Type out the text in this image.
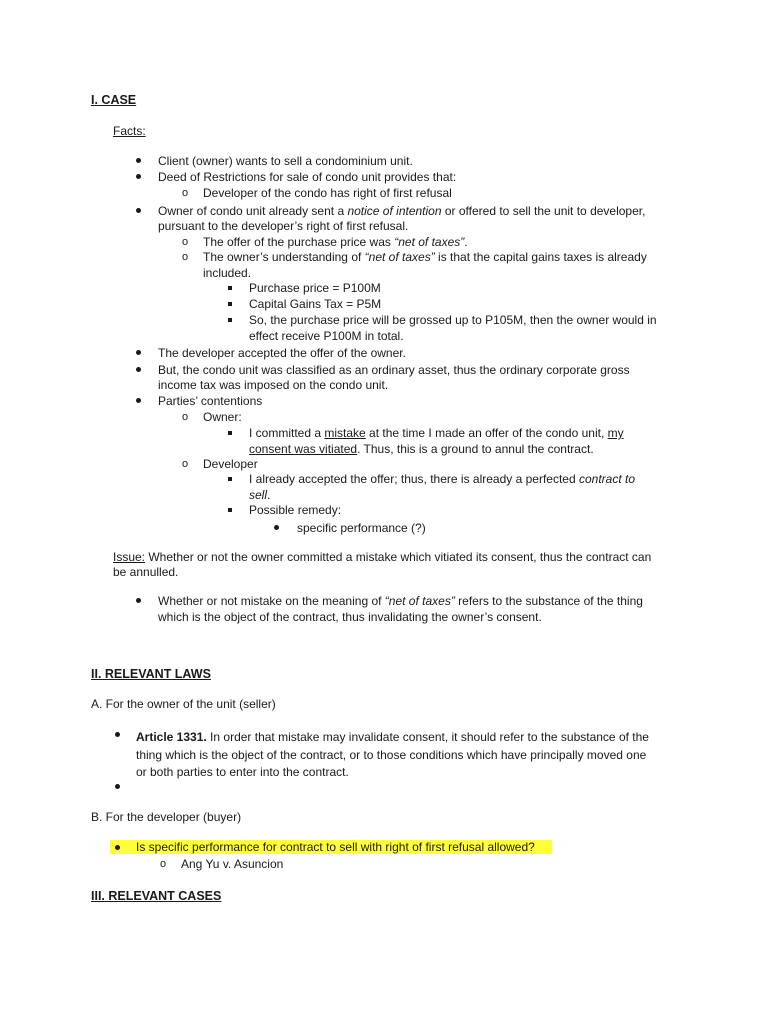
I. CASE
Facts:
Client (owner) wants to sell a condominium unit.
Deed of Restrictions for sale of condo unit provides that:
o Developer of the condo has right of first refusal
Owner of condo unit already sent a notice of intention or offered to sell the unit to developer,
pursuant to the developer’s right of first refusal.
o The offer of the purchase price was “net of taxes”.
o The owner’s understanding of “net of taxes” is that the capital gains taxes is already
included.
Purchase price = P100M
Capital Gains Tax = P5M
So, the purchase price will be grossed up to P105M, then the owner would in
effect receive P100M in total.
The developer accepted the offer of the owner.
But, the condo unit was classified as an ordinary asset, thus the ordinary corporate gross
income tax was imposed on the condo unit.
Parties’ contentions
o Owner:
I committed a mistake at the time I made an offer of the condo unit, my
consent was vitiated. Thus, this is a ground to annul the contract.
o Developer
I already accepted the offer; thus, there is already a perfected contract to
sell.
Possible remedy:
specific performance (?)
Issue: Whether or not the owner committed a mistake which vitiated its consent, thus the contract can
be annulled.
Whether or not mistake on the meaning of “net of taxes” refers to the substance of the thing
which is the object of the contract, thus invalidating the owner’s consent.
II. RELEVANT LAWS
A. For the owner of the unit (seller)
Article 1331. In order that mistake may invalidate consent, it should refer to the substance of the
thing which is the object of the contract, or to those conditions which have principally moved one
or both parties to enter into the contract.
B. For the developer (buyer)
Is specific performance for contract to sell with right of first refusal allowed?
o Ang Yu v. Asuncion
III. RELEVANT CASES
